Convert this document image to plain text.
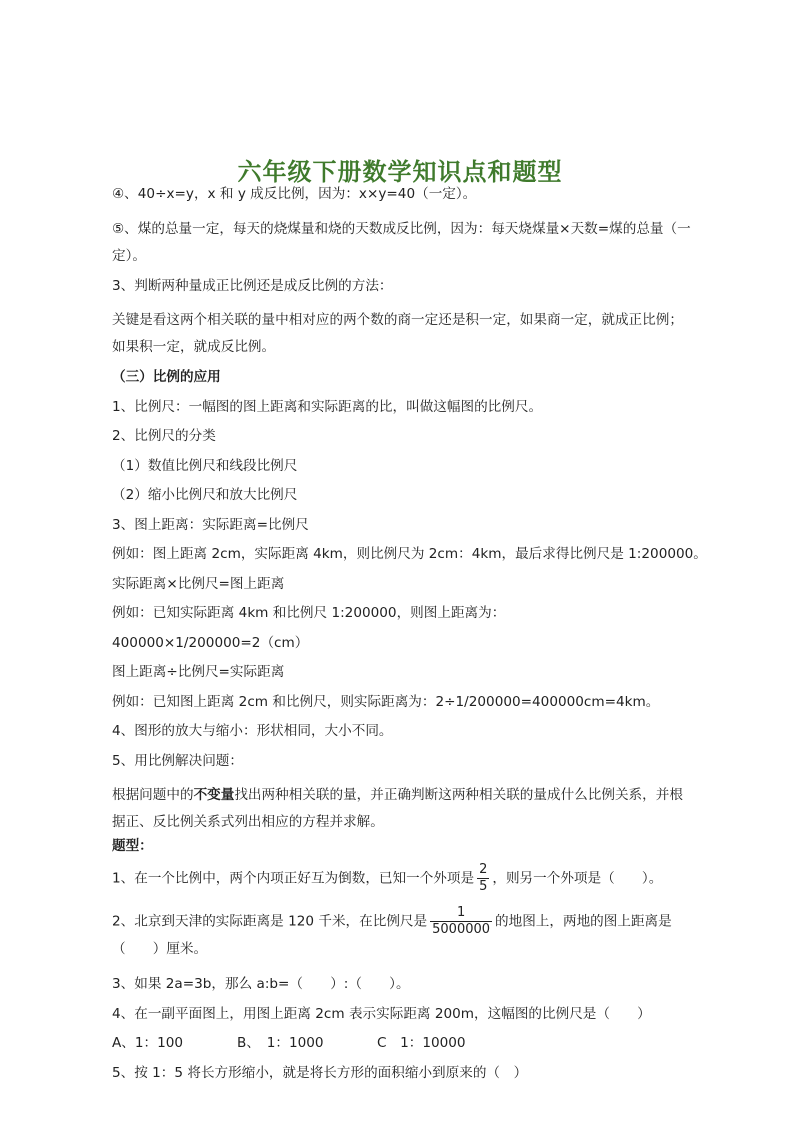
六年级下册数学知识点和题型
④、40÷x=y，x 和 y 成反比例，因为：x×y=40（一定）。
⑤、煤的总量一定，每天的烧煤量和烧的天数成反比例，因为：每天烧煤量×天数=煤的总量（一定）。
3、判断两种量成正比例还是成反比例的方法：
关键是看这两个相关联的量中相对应的两个数的商一定还是积一定，如果商一定，就成正比例；如果积一定，就成反比例。
（三）比例的应用
1、比例尺：一幅图的图上距离和实际距离的比，叫做这幅图的比例尺。
2、比例尺的分类
（1）数值比例尺和线段比例尺
（2）缩小比例尺和放大比例尺
3、图上距离：实际距离=比例尺
例如：图上距离 2cm，实际距离 4km，则比例尺为 2cm：4km，最后求得比例尺是 1:200000。
实际距离×比例尺=图上距离
例如：已知实际距离 4km 和比例尺 1:200000，则图上距离为：
400000×1/200000=2（cm）
图上距离÷比例尺=实际距离
例如：已知图上距离 2cm 和比例尺，则实际距离为：2÷1/200000=400000cm=4km。
4、图形的放大与缩小：形状相同，大小不同。
5、用比例解决问题：
根据问题中的不变量找出两种相关联的量，并正确判断这两种相关联的量成什么比例关系，并根据正、反比例关系式列出相应的方程并求解。
题型：
1、在一个比例中，两个内项正好互为倒数，已知一个外项是 $\frac{2}{5}$ ，则另一个外项是（　　）。
2、北京到天津的实际距离是 120 千米，在比例尺是 $\frac{1}{5000000}$ 的地图上，两地的图上距离是
（　　）厘米。
3、如果 2a=3b，那么 a:b=（　　）:（　　）。
4、在一副平面图上，用图上距离 2cm 表示实际距离 200m，这幅图的比例尺是（　　）
A、1：100	B、　1：1000	C　1：10000
5、按 1：5 将长方形缩小，就是将长方形的面积缩小到原来的（　）
